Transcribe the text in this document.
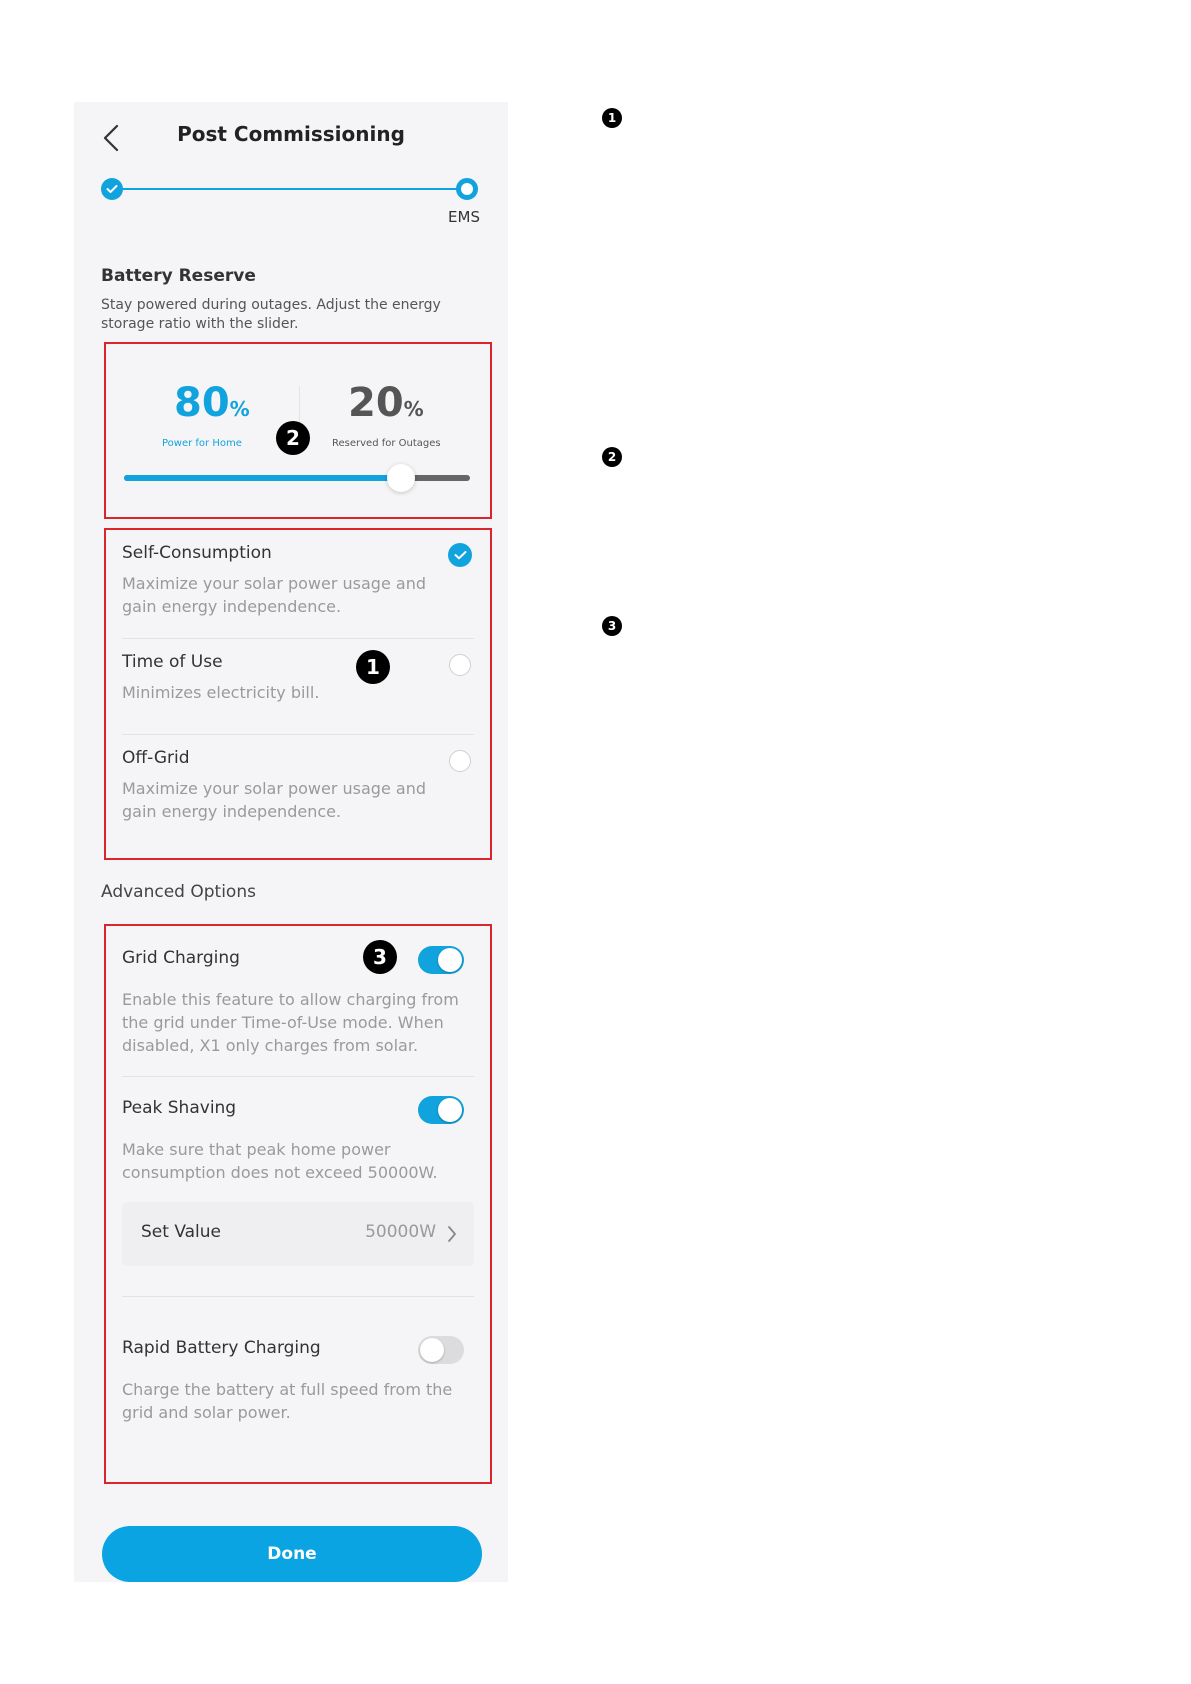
Post Commissioning
EMS
Battery Reserve
Stay powered during outages. Adjust the energy storage ratio with the slider.
80%
Power for Home
20%
Reserved for Outages
Self-Consumption
Maximize your solar power usage and gain energy independence.
Time of Use
Minimizes electricity bill.
Off-Grid
Maximize your solar power usage and gain energy independence.
Advanced Options
Grid Charging
Enable this feature to allow charging from the grid under Time-of-Use mode. When disabled, X1 only charges from solar.
Peak Shaving
Make sure that peak home power consumption does not exceed 50000W.
Set Value	50000W
Rapid Battery Charging
Charge the battery at full speed from the grid and solar power.
Done
2
1
3
1
2
3
